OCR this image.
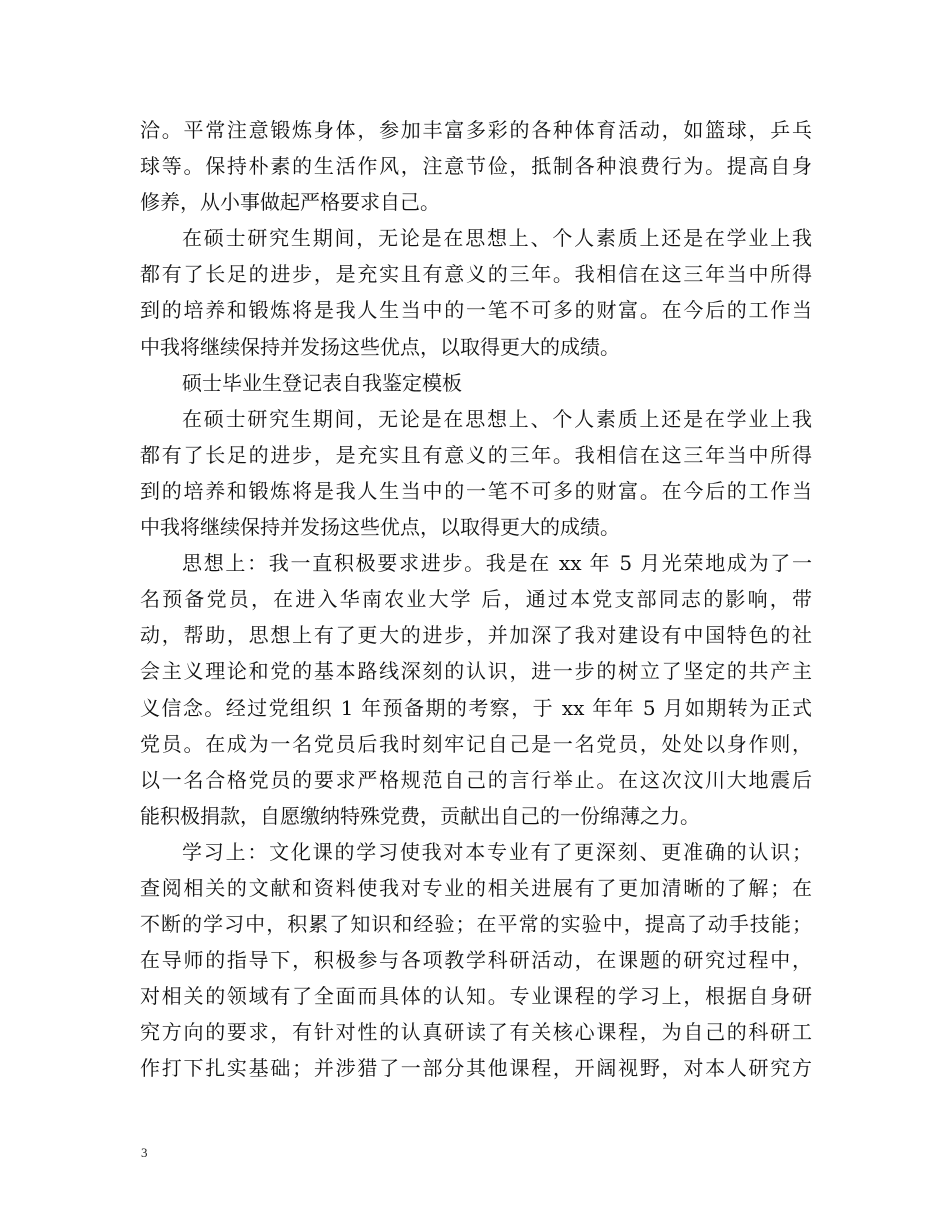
洽。平常注意锻炼身体，参加丰富多彩的各种体育活动，如篮球，乒乓
球等。保持朴素的生活作风，注意节俭，抵制各种浪费行为。提高自身
修养，从小事做起严格要求自己。
在硕士研究生期间，无论是在思想上、个人素质上还是在学业上我
都有了长足的进步，是充实且有意义的三年。我相信在这三年当中所得
到的培养和锻炼将是我人生当中的一笔不可多的财富。在今后的工作当
中我将继续保持并发扬这些优点，以取得更大的成绩。
硕士毕业生登记表自我鉴定模板
在硕士研究生期间，无论是在思想上、个人素质上还是在学业上我
都有了长足的进步，是充实且有意义的三年。我相信在这三年当中所得
到的培养和锻炼将是我人生当中的一笔不可多的财富。在今后的工作当
中我将继续保持并发扬这些优点，以取得更大的成绩。
思想上：我一直积极要求进步。我是在 xx 年 5 月光荣地成为了一
名预备党员，在进入华南农业大学 后，通过本党支部同志的影响，带
动，帮助，思想上有了更大的进步，并加深了我对建设有中国特色的社
会主义理论和党的基本路线深刻的认识，进一步的树立了坚定的共产主
义信念。经过党组织 1 年预备期的考察，于 xx 年年 5 月如期转为正式
党员。在成为一名党员后我时刻牢记自己是一名党员，处处以身作则，
以一名合格党员的要求严格规范自己的言行举止。在这次汶川大地震后
能积极捐款，自愿缴纳特殊党费，贡献出自己的一份绵薄之力。
学习上：文化课的学习使我对本专业有了更深刻、更准确的认识；
查阅相关的文献和资料使我对专业的相关进展有了更加清晰的了解；在
不断的学习中，积累了知识和经验；在平常的实验中，提高了动手技能；
在导师的指导下，积极参与各项教学科研活动，在课题的研究过程中，
对相关的领域有了全面而具体的认知。专业课程的学习上，根据自身研
究方向的要求，有针对性的认真研读了有关核心课程，为自己的科研工
作打下扎实基础；并涉猎了一部分其他课程，开阔视野，对本人研究方
3
